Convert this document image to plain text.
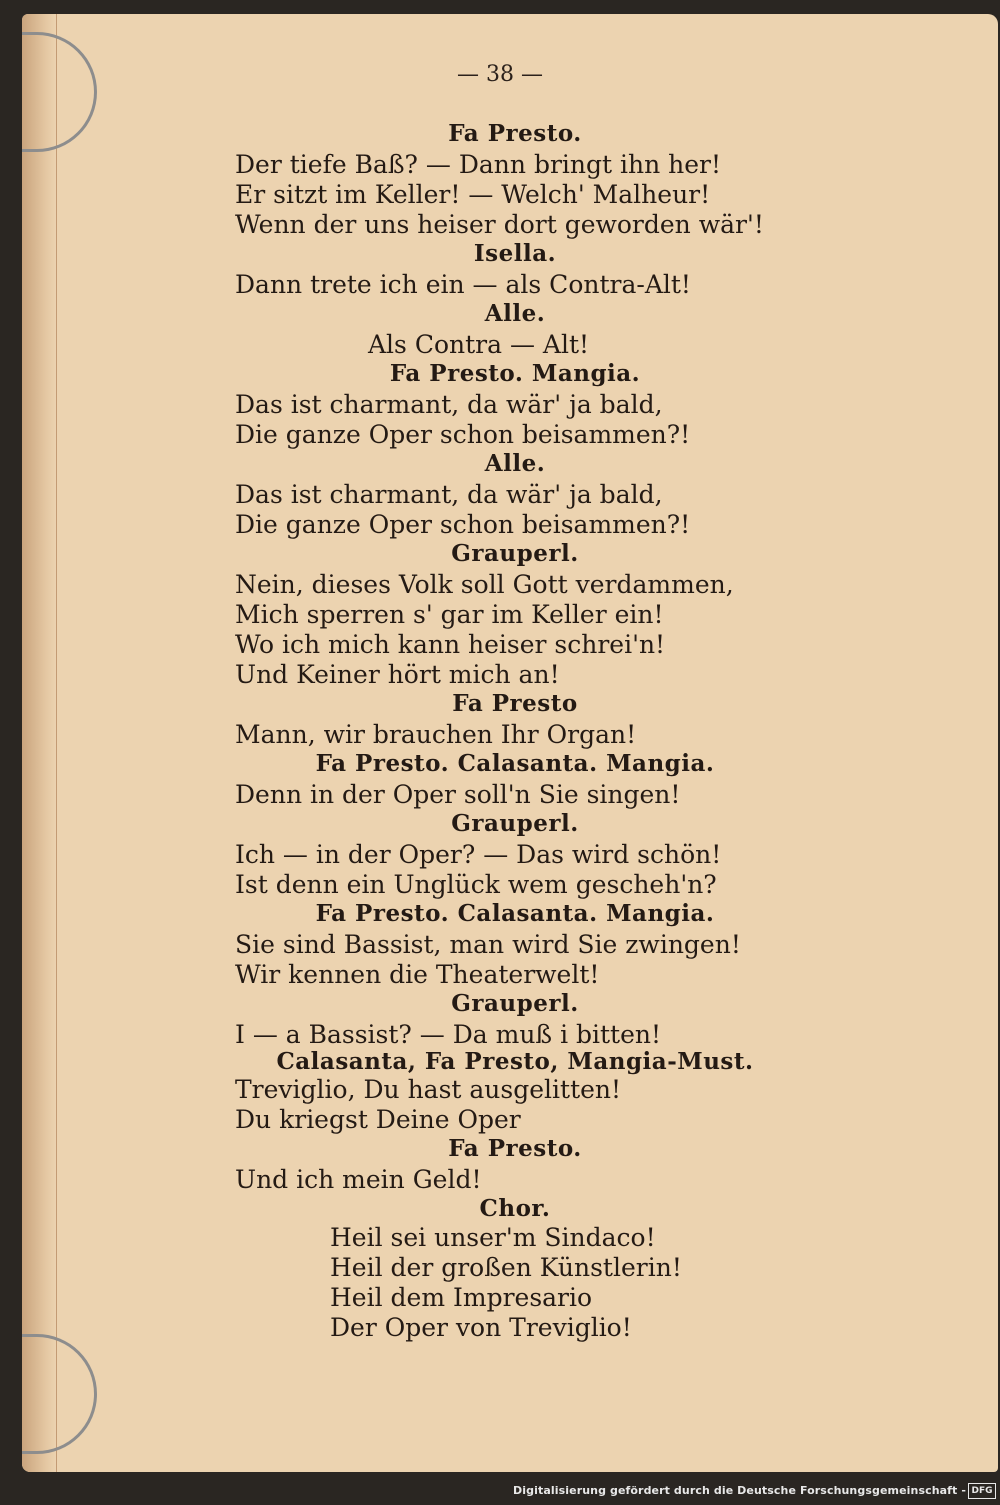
— 38 —
Fa Presto.
Der tiefe Baß? — Dann bringt ihn her!
Er sitzt im Keller! — Welch' Malheur!
Wenn der uns heiser dort geworden wär'!
Isella.
Dann trete ich ein — als Contra-Alt!
Alle.
Als Contra — Alt!
Fa Presto. Mangia.
Das ist charmant, da wär' ja bald,
Die ganze Oper schon beisammen?!
Alle.
Das ist charmant, da wär' ja bald,
Die ganze Oper schon beisammen?!
Grauperl.
Nein, dieses Volk soll Gott verdammen,
Mich sperren s' gar im Keller ein!
Wo ich mich kann heiser schrei'n!
Und Keiner hört mich an!
Fa Presto
Mann, wir brauchen Ihr Organ!
Fa Presto. Calasanta. Mangia.
Denn in der Oper soll'n Sie singen!
Grauperl.
Ich — in der Oper? — Das wird schön!
Ist denn ein Unglück wem gescheh'n?
Fa Presto. Calasanta. Mangia.
Sie sind Bassist, man wird Sie zwingen!
Wir kennen die Theaterwelt!
Grauperl.
I — a Bassist? — Da muß i bitten!
Calasanta, Fa Presto, Mangia-Must.
Treviglio, Du hast ausgelitten!
Du kriegst Deine Oper
Fa Presto.
Und ich mein Geld!
Chor.
Heil sei unser'm Sindaco!
Heil der großen Künstlerin!
Heil dem Impresario
Der Oper von Treviglio!
Digitalisierung gefördert durch die Deutsche Forschungsgemeinschaft - DFG
